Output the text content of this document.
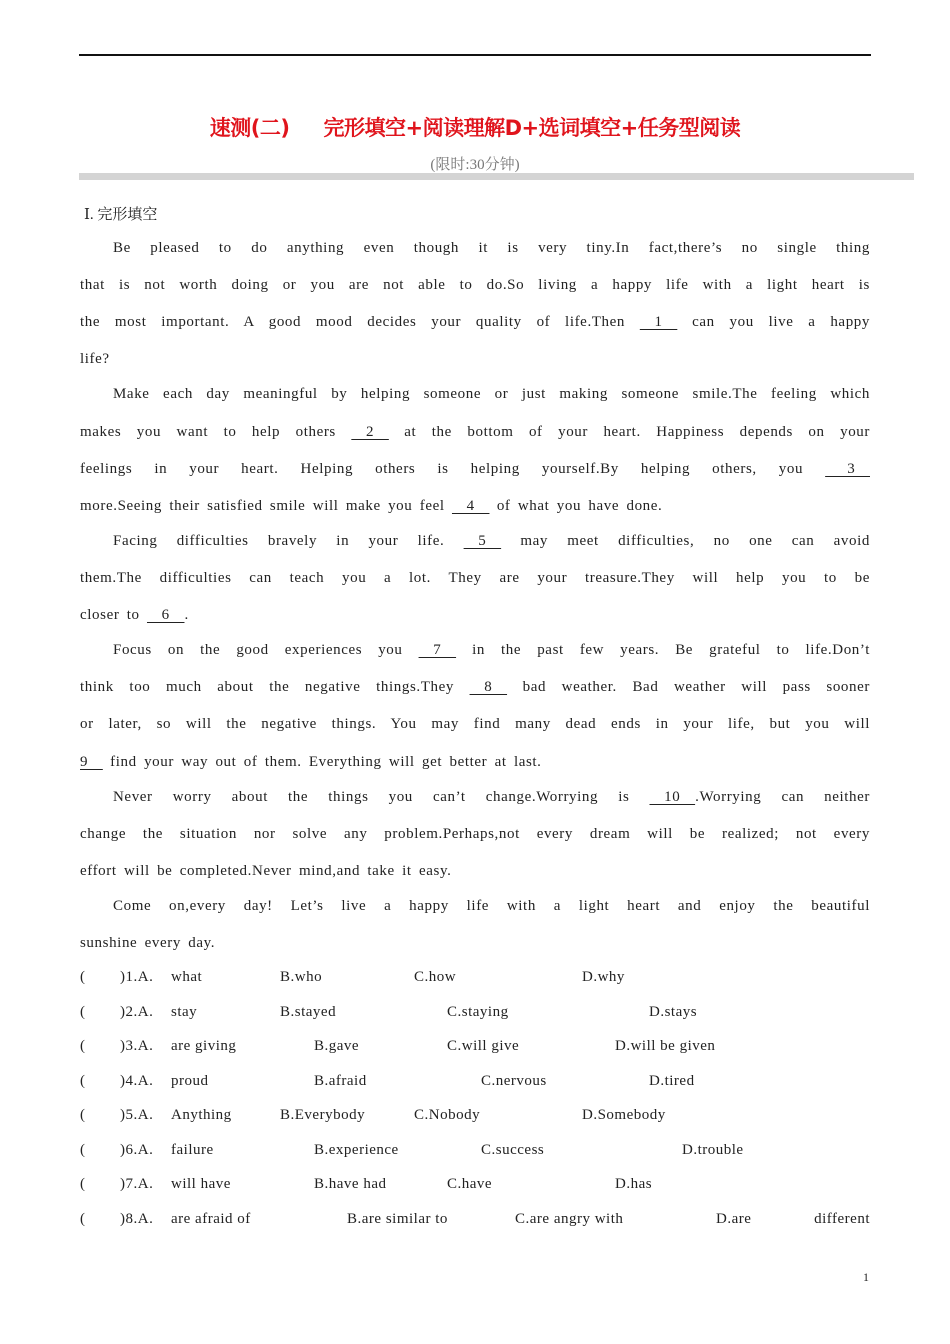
速测(二) 完形填空+阅读理解D+选词填空+任务型阅读
(限时:30分钟)
Ⅰ. 完形填空
Be pleased to do anything even though it is very tiny.In fact,there’s no single thing
that is not worth doing or you are not able to do.So living a happy life with a light heart is
the most important. A good mood decides your quality of life.Then   1   can you live a happy
life?
Make each day meaningful by helping someone or just making someone smile.The feeling which
makes you want to help others   2   at the bottom of your heart. Happiness depends on your
feelings in your heart. Helping others is helping yourself.By helping others, you    3
more.Seeing their satisfied smile will make you feel   4   of what you have done.
Facing difficulties bravely in your life.   5   may meet difficulties, no one can avoid
them.The difficulties can teach you a lot. They are your treasure.They will help you to be
closer to   6  .
Focus on the good experiences you   7   in the past few years. Be grateful to life.Don’t
think too much about the negative things.They   8   bad weather. Bad weather will pass sooner
or later, so will the negative things. You may find many dead ends in your life, but you will
9   find your way out of them. Everything will get better at last.
Never worry about the things you can’t change.Worrying is   10  .Worrying can neither
change the situation nor solve any problem.Perhaps,not every dream will be realized; not every
effort will be completed.Never mind,and take it easy.
Come on,every day! Let’s live a happy life with a light heart and enjoy the beautiful
sunshine every day.
( )1.A. what	B.who	C.how	D.why
( )2.A. stay	B.stayed	C.staying	D.stays
( )3.A. are giving	B.gave	C.will give	D.will be given
( )4.A. proud	B.afraid	C.nervous	D.tired
( )5.A. Anything	B.Everybody	C.Nobody	D.Somebody
( )6.A. failure	B.experience	C.success	D.trouble
( )7.A. will have	B.have had	C.have	D.has
( )8.A. are afraid of	B.are similar to	C.are angry with	D.are different
1
